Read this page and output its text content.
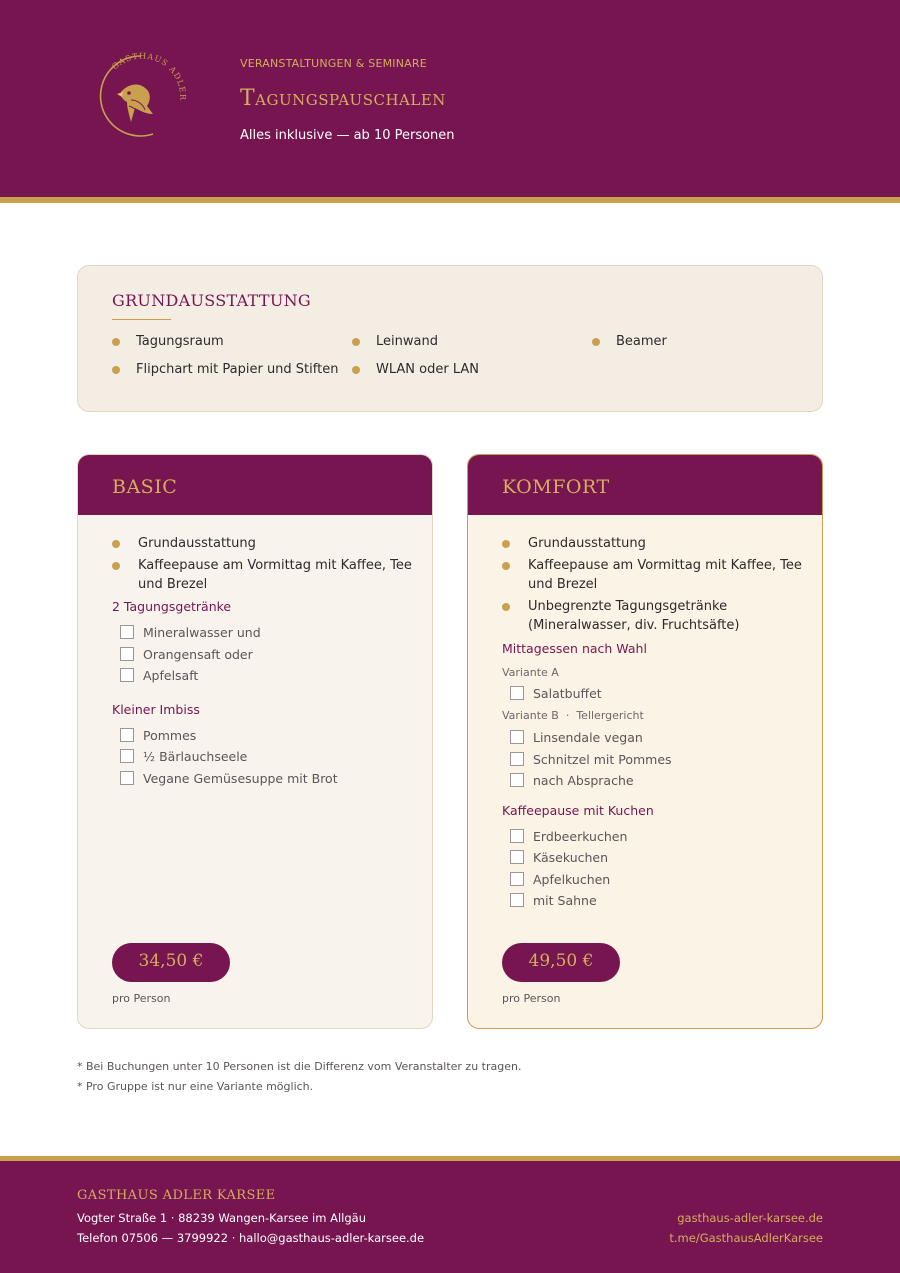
GASTHAUS ADLER
VERANSTALTUNGEN & SEMINARE
Tagungspauschalen
Alles inklusive — ab 10 Personen
GRUNDAUSSTATTUNG
Tagungsraum	Leinwand	Beamer
Flipchart mit Papier und Stiften	WLAN oder LAN
BASIC
Grundausstattung
Kaffeepause am Vormittag mit Kaffee, Tee und Brezel
2 Tagungsgetränke
Mineralwasser und
Orangensaft oder
Apfelsaft
Kleiner Imbiss
Pommes
½ Bärlauchseele
Vegane Gemüsesuppe mit Brot
34,50 €
pro Person
KOMFORT
Grundausstattung
Kaffeepause am Vormittag mit Kaffee, Tee und Brezel
Unbegrenzte Tagungsgetränke (Mineralwasser, div. Fruchtsäfte)
Mittagessen nach Wahl
Variante A
Salatbuffet
Variante B · Tellergericht
Linsendale vegan
Schnitzel mit Pommes
nach Absprache
Kaffeepause mit Kuchen
Erdbeerkuchen
Käsekuchen
Apfelkuchen
mit Sahne
49,50 €
pro Person
* Bei Buchungen unter 10 Personen ist die Differenz vom Veranstalter zu tragen.
* Pro Gruppe ist nur eine Variante möglich.
GASTHAUS ADLER KARSEE
Vogter Straße 1 · 88239 Wangen-Karsee im Allgäu
Telefon 07506 — 3799922 · hallo@gasthaus-adler-karsee.de
gasthaus-adler-karsee.de
t.me/GasthausAdlerKarsee
